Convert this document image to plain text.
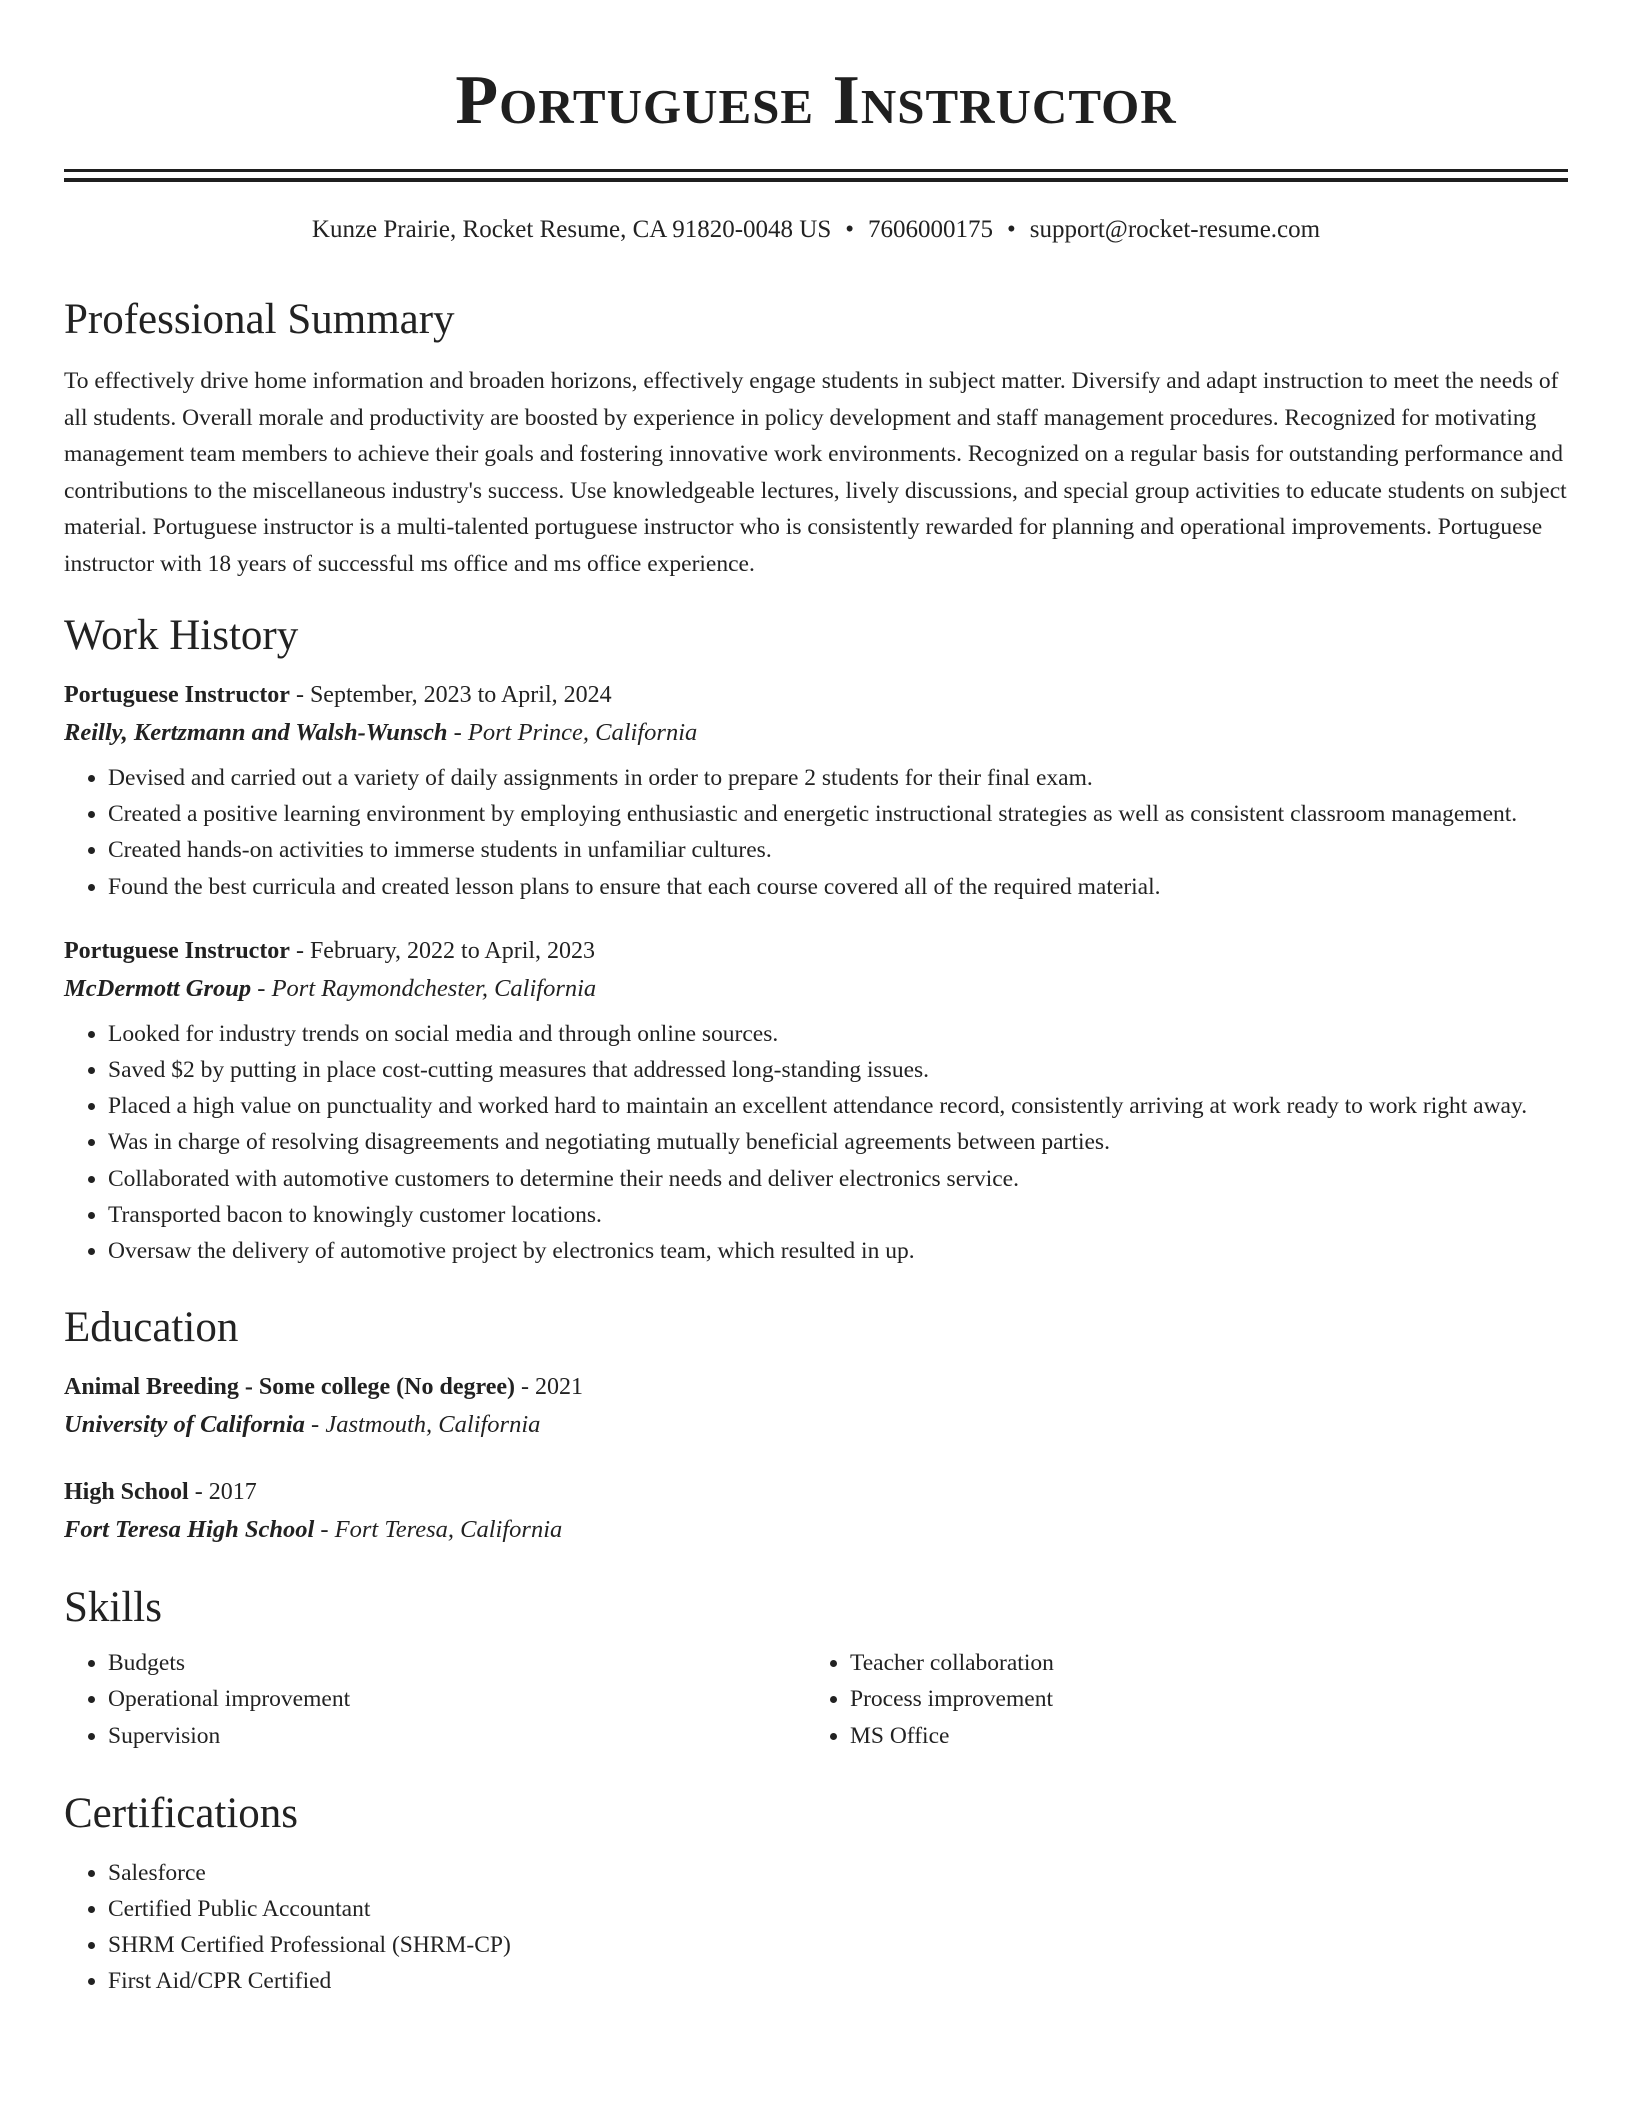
Portuguese Instructor
Kunze Prairie, Rocket Resume, CA 91820-0048 US • 7606000175 • support@rocket-resume.com
Professional Summary

To effectively drive home information and broaden horizons, effectively engage students in subject matter. Diversify and adapt instruction to meet the needs of all students. Overall morale and productivity are boosted by experience in policy development and staff management procedures. Recognized for motivating management team members to achieve their goals and fostering innovative work environments. Recognized on a regular basis for outstanding performance and contributions to the miscellaneous industry's success. Use knowledgeable lectures, lively discussions, and special group activities to educate students on subject material. Portuguese instructor is a multi-talented portuguese instructor who is consistently rewarded for planning and operational improvements. Portuguese instructor with 18 years of successful ms office and ms office experience.

Work History
Portuguese Instructor - September, 2023 to April, 2024
Reilly, Kertzmann and Walsh-Wunsch - Port Prince, California
• Devised and carried out a variety of daily assignments in order to prepare 2 students for their final exam.
• Created a positive learning environment by employing enthusiastic and energetic instructional strategies as well as consistent classroom management.
• Created hands-on activities to immerse students in unfamiliar cultures.
• Found the best curricula and created lesson plans to ensure that each course covered all of the required material.
Portuguese Instructor - February, 2022 to April, 2023
McDermott Group - Port Raymondchester, California
• Looked for industry trends on social media and through online sources.
• Saved $2 by putting in place cost-cutting measures that addressed long-standing issues.
• Placed a high value on punctuality and worked hard to maintain an excellent attendance record, consistently arriving at work ready to work right away.
• Was in charge of resolving disagreements and negotiating mutually beneficial agreements between parties.
• Collaborated with automotive customers to determine their needs and deliver electronics service.
• Transported bacon to knowingly customer locations.
• Oversaw the delivery of automotive project by electronics team, which resulted in up.
Education
Animal Breeding - Some college (No degree) - 2021
University of California - Jastmouth, California
High School - 2017
Fort Teresa High School - Fort Teresa, California
Skills
• Budgets
• Operational improvement
• Supervision
• Teacher collaboration
• Process improvement
• MS Office
Certifications
• Salesforce
• Certified Public Accountant
• SHRM Certified Professional (SHRM-CP)
• First Aid/CPR Certified
